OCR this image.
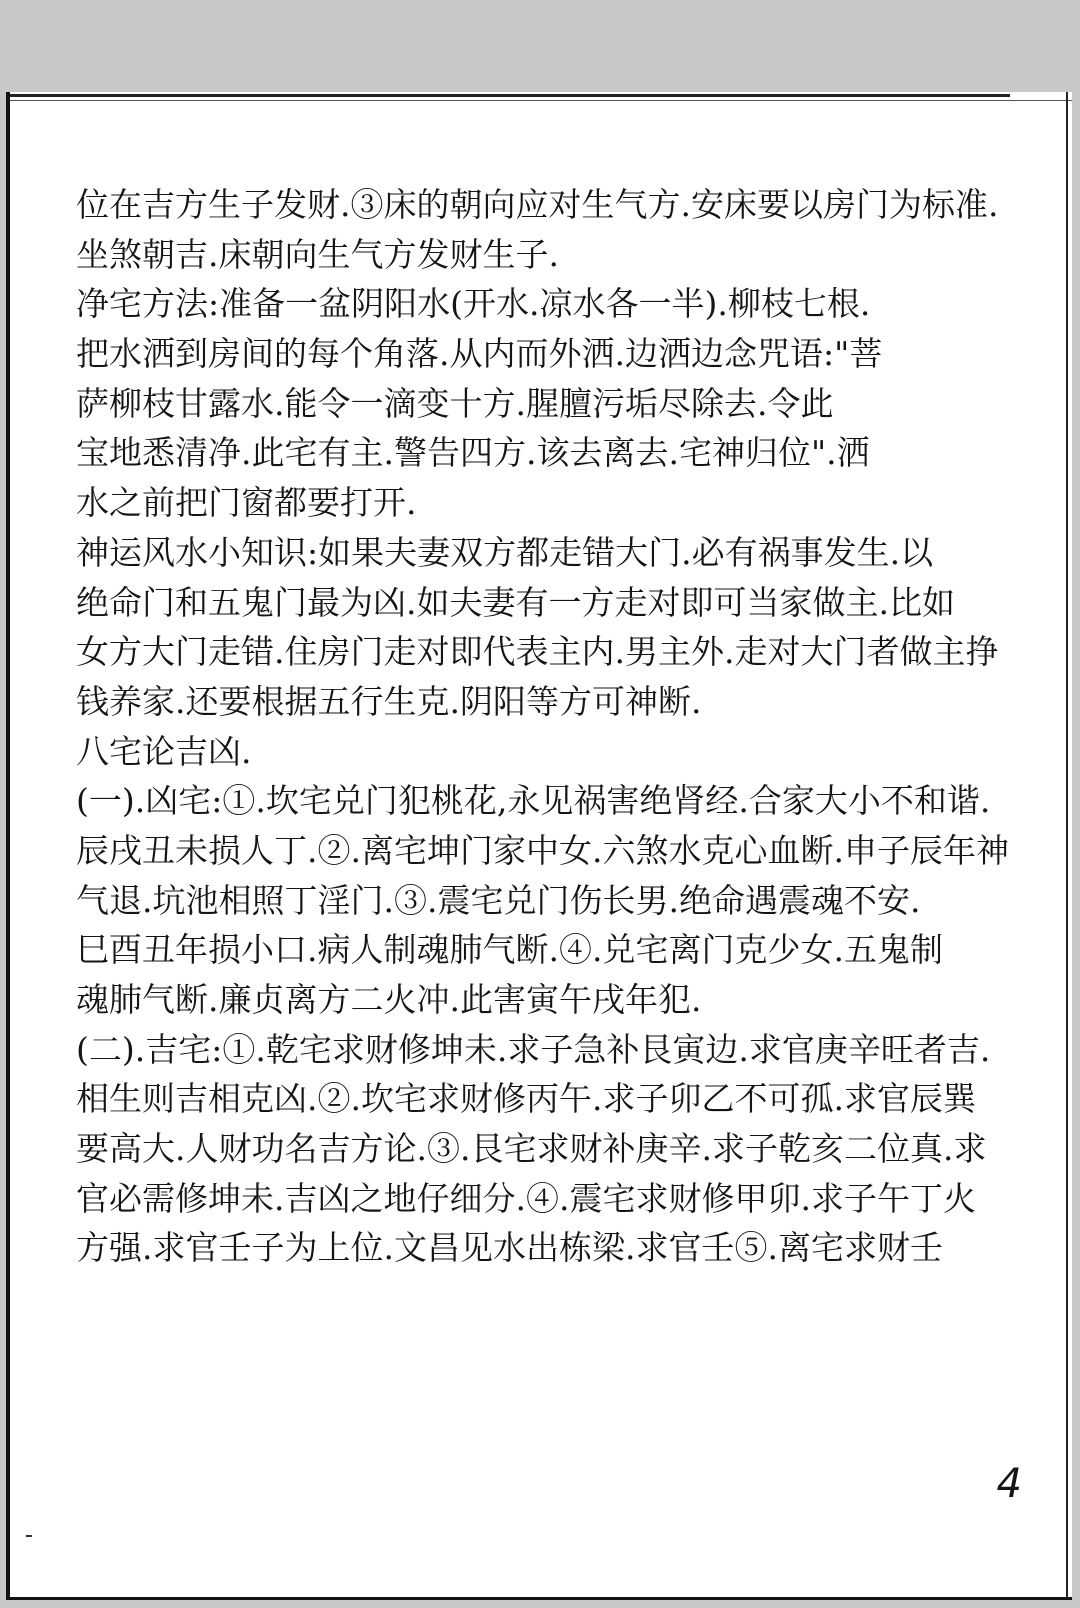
位在吉方生子发财.③床的朝向应对生气方.安床要以房门为标准.
坐煞朝吉.床朝向生气方发财生子.
净宅方法:准备一盆阴阳水(开水.凉水各一半).柳枝七根.
把水洒到房间的每个角落.从内而外洒.边洒边念咒语:"菩
萨柳枝甘露水.能令一滴变十方.腥膻污垢尽除去.令此
宝地悉清净.此宅有主.警告四方.该去离去.宅神归位".洒
水之前把门窗都要打开.
神运风水小知识:如果夫妻双方都走错大门.必有祸事发生.以
绝命门和五鬼门最为凶.如夫妻有一方走对即可当家做主.比如
女方大门走错.住房门走对即代表主内.男主外.走对大门者做主挣
钱养家.还要根据五行生克.阴阳等方可神断.
八宅论吉凶.
(一).凶宅:①.坎宅兑门犯桃花,永见祸害绝肾经.合家大小不和谐.
辰戌丑未损人丁.②.离宅坤门家中女.六煞水克心血断.申子辰年神
气退.坑池相照丁淫门.③.震宅兑门伤长男.绝命遇震魂不安.
巳酉丑年损小口.病人制魂肺气断.④.兑宅离门克少女.五鬼制
魂肺气断.廉贞离方二火冲.此害寅午戌年犯.
(二).吉宅:①.乾宅求财修坤未.求子急补艮寅边.求官庚辛旺者吉.
相生则吉相克凶.②.坎宅求财修丙午.求子卯乙不可孤.求官辰巽
要高大.人财功名吉方论.③.艮宅求财补庚辛.求子乾亥二位真.求
官必需修坤未.吉凶之地仔细分.④.震宅求财修甲卯.求子午丁火
方强.求官壬子为上位.文昌见水出栋梁.求官壬⑤.离宅求财壬
4
